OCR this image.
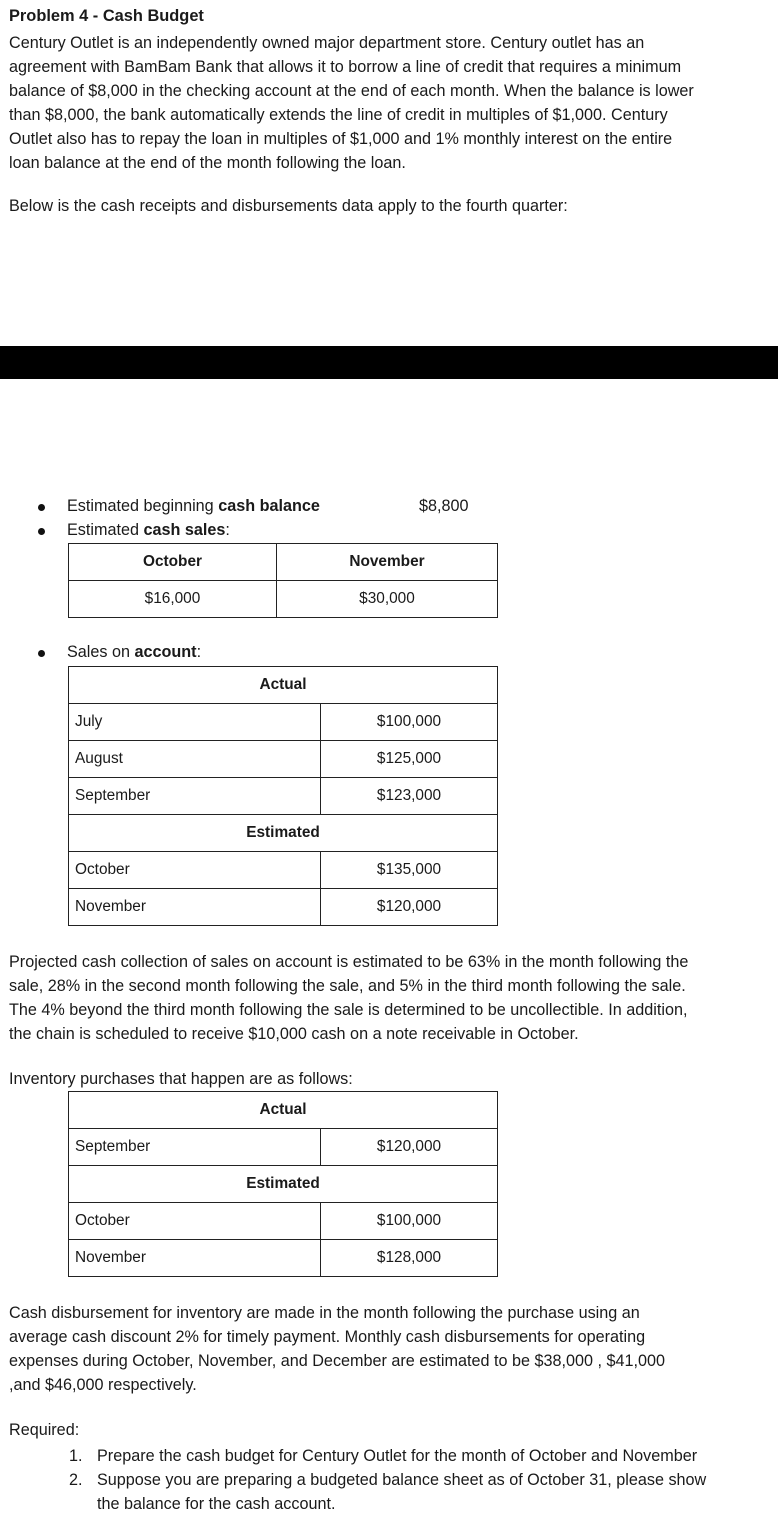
Problem 4 - Cash Budget
Century Outlet is an independently owned major department store. Century outlet has an
agreement with BamBam Bank that allows it to borrow a line of credit that requires a minimum
balance of $8,000 in the checking account at the end of each month. When the balance is lower
than $8,000, the bank automatically extends the line of credit in multiples of $1,000. Century
Outlet also has to repay the loan in multiples of $1,000 and 1% monthly interest on the entire
loan balance at the end of the month following the loan.
Below is the cash receipts and disbursements data apply to the fourth quarter:
Estimated beginning cash balance	$8,800
Estimated cash sales:
October	November
$16,000	$30,000
Sales on account:
Actual	
July	$100,000
August	$125,000
September	$123,000
Estimated	
October	$135,000
November	$120,000
Projected cash collection of sales on account is estimated to be 63% in the month following the
sale, 28% in the second month following the sale, and 5% in the third month following the sale.
The 4% beyond the third month following the sale is determined to be uncollectible. In addition,
the chain is scheduled to receive $10,000 cash on a note receivable in October.
Inventory purchases that happen are as follows:
Actual	
September	$120,000
Estimated	
October	$100,000
November	$128,000
Cash disbursement for inventory are made in the month following the purchase using an
average cash discount 2% for timely payment. Monthly cash disbursements for operating
expenses during October, November, and December are estimated to be $38,000 , $41,000
,and $46,000 respectively.
Required:
1. Prepare the cash budget for Century Outlet for the month of October and November
2. Suppose you are preparing a budgeted balance sheet as of October 31, please show
the balance for the cash account.
